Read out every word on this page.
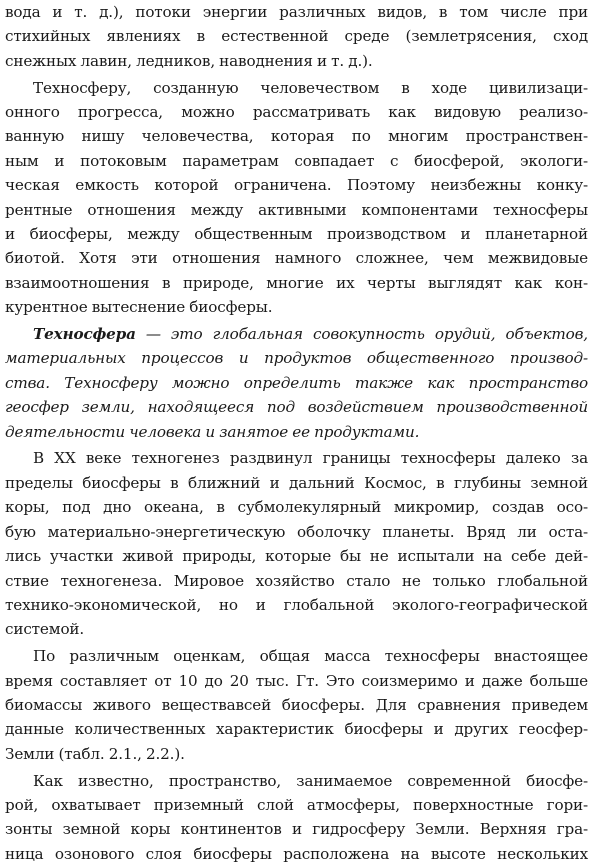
вода и т. д.), потоки энергии различных видов, в том числе при
стихийных явлениях в естественной среде (землетрясения, сход
снежных лавин, ледников, наводнения и т. д.).

Техносферу, созданную человечеством в ходе цивилизаци-
онного прогресса, можно рассматривать как видовую реализо-
ванную нишу человечества, которая по многим пространствен-
ным и потоковым параметрам совпадает с биосферой, экологи-
ческая емкость которой ограничена. Поэтому неизбежны конку-
рентные отношения между активными компонентами техносферы
и биосферы, между общественным производством и планетарной
биотой. Хотя эти отношения намного сложнее, чем межвидовые
взаимоотношения в природе, многие их черты выглядят как кон-
курентное вытеснение биосферы.

Техносфера — это глобальная совокупность орудий, объектов,
материальных процессов и продуктов общественного производ-
ства. Техносферу можно определить также как пространство
геосфер земли, находящееся под воздействием производственной
деятельности человека и занятое ее продуктами.

В XX веке техногенез раздвинул границы техносферы далеко за
пределы биосферы в ближний и дальний Космос, в глубины земной
коры, под дно океана, в субмолекулярный микромир, создав осо-
бую материально-энергетическую оболочку планеты. Вряд ли оста-
лись участки живой природы, которые бы не испытали на себе дей-
ствие техногенеза. Мировое хозяйство стало не только глобальной
технико-экономической, но и глобальной эколого-географической
системой.

По различным оценкам, общая масса техносферы внастоящее
время составляет от 10 до 20 тыс. Гт. Это соизмеримо и даже больше
биомассы живого веществавсей биосферы. Для сравнения приведем
данные количественных характеристик биосферы и других геосфер-
Земли (табл. 2.1., 2.2.).

Как известно, пространство, занимаемое современной биосфе-
рой, охватывает приземный слой атмосферы, поверхностные гори-
зонты земной коры континентов и гидросферу Земли. Верхняя гра-
ница озонового слоя биосферы расположена на высоте нескольких
